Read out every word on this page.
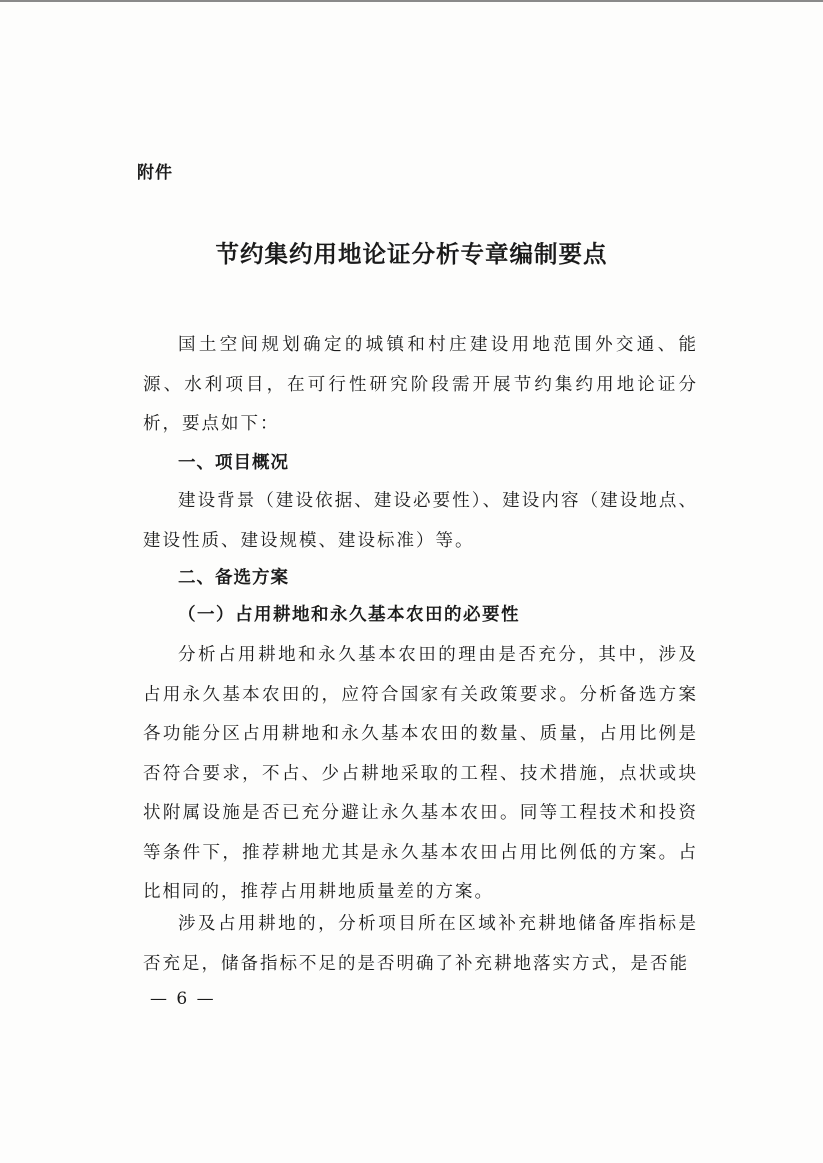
附件
节约集约用地论证分析专章编制要点

国土空间规划确定的城镇和村庄建设用地范围外交通、能源、水利项目，在可行性研究阶段需开展节约集约用地论证分析，要点如下：

一、项目概况

建设背景（建设依据、建设必要性）、建设内容（建设地点、建设性质、建设规模、建设标准）等。

二、备选方案
（一）占用耕地和永久基本农田的必要性

分析占用耕地和永久基本农田的理由是否充分，其中，涉及占用永久基本农田的，应符合国家有关政策要求。分析备选方案各功能分区占用耕地和永久基本农田的数量、质量，占用比例是否符合要求，不占、少占耕地采取的工程、技术措施，点状或块状附属设施是否已充分避让永久基本农田。同等工程技术和投资等条件下，推荐耕地尤其是永久基本农田占用比例低的方案。占比相同的，推荐占用耕地质量差的方案。

涉及占用耕地的，分析项目所在区域补充耕地储备库指标是否充足，储备指标不足的是否明确了补充耕地落实方式，是否能

— 6 —
